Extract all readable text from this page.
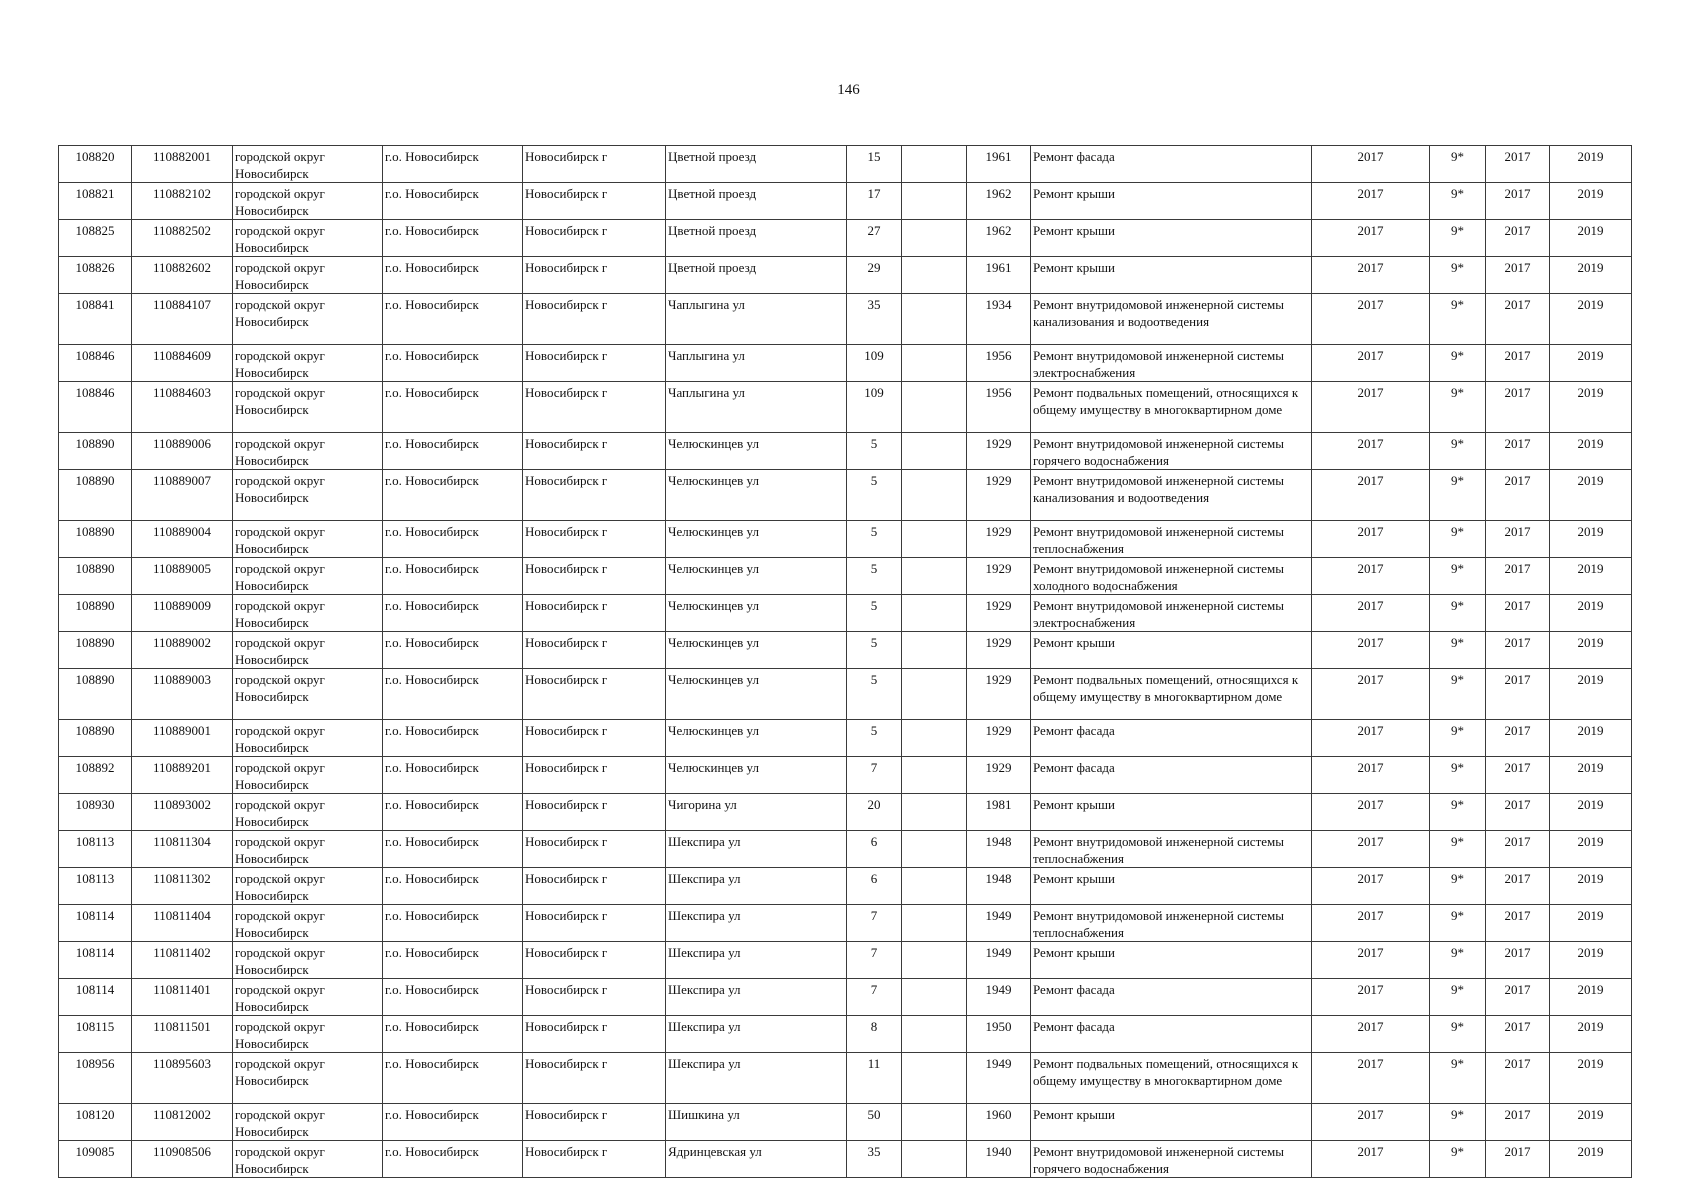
146
108820	110882001	городской округ Новосибирск	г.о. Новосибирск	Новосибирск г	Цветной проезд	15		1961	Ремонт фасада	2017	9*	2017	2019
108821	110882102	городской округ Новосибирск	г.о. Новосибирск	Новосибирск г	Цветной проезд	17		1962	Ремонт крыши	2017	9*	2017	2019
108825	110882502	городской округ Новосибирск	г.о. Новосибирск	Новосибирск г	Цветной проезд	27		1962	Ремонт крыши	2017	9*	2017	2019
108826	110882602	городской округ Новосибирск	г.о. Новосибирск	Новосибирск г	Цветной проезд	29		1961	Ремонт крыши	2017	9*	2017	2019
108841	110884107	городской округ Новосибирск	г.о. Новосибирск	Новосибирск г	Чаплыгина ул	35		1934	Ремонт внутридомовой инженерной системы канализования и водоотведения	2017	9*	2017	2019
108846	110884609	городской округ Новосибирск	г.о. Новосибирск	Новосибирск г	Чаплыгина ул	109		1956	Ремонт внутридомовой инженерной системы электроснабжения	2017	9*	2017	2019
108846	110884603	городской округ Новосибирск	г.о. Новосибирск	Новосибирск г	Чаплыгина ул	109		1956	Ремонт подвальных помещений, относящихся к общему имуществу в многоквартирном доме	2017	9*	2017	2019
108890	110889006	городской округ Новосибирск	г.о. Новосибирск	Новосибирск г	Челюскинцев ул	5		1929	Ремонт внутридомовой инженерной системы горячего водоснабжения	2017	9*	2017	2019
108890	110889007	городской округ Новосибирск	г.о. Новосибирск	Новосибирск г	Челюскинцев ул	5		1929	Ремонт внутридомовой инженерной системы канализования и водоотведения	2017	9*	2017	2019
108890	110889004	городской округ Новосибирск	г.о. Новосибирск	Новосибирск г	Челюскинцев ул	5		1929	Ремонт внутридомовой инженерной системы теплоснабжения	2017	9*	2017	2019
108890	110889005	городской округ Новосибирск	г.о. Новосибирск	Новосибирск г	Челюскинцев ул	5		1929	Ремонт внутридомовой инженерной системы холодного водоснабжения	2017	9*	2017	2019
108890	110889009	городской округ Новосибирск	г.о. Новосибирск	Новосибирск г	Челюскинцев ул	5		1929	Ремонт внутридомовой инженерной системы электроснабжения	2017	9*	2017	2019
108890	110889002	городской округ Новосибирск	г.о. Новосибирск	Новосибирск г	Челюскинцев ул	5		1929	Ремонт крыши	2017	9*	2017	2019
108890	110889003	городской округ Новосибирск	г.о. Новосибирск	Новосибирск г	Челюскинцев ул	5		1929	Ремонт подвальных помещений, относящихся к общему имуществу в многоквартирном доме	2017	9*	2017	2019
108890	110889001	городской округ Новосибирск	г.о. Новосибирск	Новосибирск г	Челюскинцев ул	5		1929	Ремонт фасада	2017	9*	2017	2019
108892	110889201	городской округ Новосибирск	г.о. Новосибирск	Новосибирск г	Челюскинцев ул	7		1929	Ремонт фасада	2017	9*	2017	2019
108930	110893002	городской округ Новосибирск	г.о. Новосибирск	Новосибирск г	Чигорина ул	20		1981	Ремонт крыши	2017	9*	2017	2019
108113	110811304	городской округ Новосибирск	г.о. Новосибирск	Новосибирск г	Шекспира ул	6		1948	Ремонт внутридомовой инженерной системы теплоснабжения	2017	9*	2017	2019
108113	110811302	городской округ Новосибирск	г.о. Новосибирск	Новосибирск г	Шекспира ул	6		1948	Ремонт крыши	2017	9*	2017	2019
108114	110811404	городской округ Новосибирск	г.о. Новосибирск	Новосибирск г	Шекспира ул	7		1949	Ремонт внутридомовой инженерной системы теплоснабжения	2017	9*	2017	2019
108114	110811402	городской округ Новосибирск	г.о. Новосибирск	Новосибирск г	Шекспира ул	7		1949	Ремонт крыши	2017	9*	2017	2019
108114	110811401	городской округ Новосибирск	г.о. Новосибирск	Новосибирск г	Шекспира ул	7		1949	Ремонт фасада	2017	9*	2017	2019
108115	110811501	городской округ Новосибирск	г.о. Новосибирск	Новосибирск г	Шекспира ул	8		1950	Ремонт фасада	2017	9*	2017	2019
108956	110895603	городской округ Новосибирск	г.о. Новосибирск	Новосибирск г	Шекспира ул	11		1949	Ремонт подвальных помещений, относящихся к общему имуществу в многоквартирном доме	2017	9*	2017	2019
108120	110812002	городской округ Новосибирск	г.о. Новосибирск	Новосибирск г	Шишкина ул	50		1960	Ремонт крыши	2017	9*	2017	2019
109085	110908506	городской округ Новосибирск	г.о. Новосибирск	Новосибирск г	Ядринцевская ул	35		1940	Ремонт внутридомовой инженерной системы горячего водоснабжения	2017	9*	2017	2019
